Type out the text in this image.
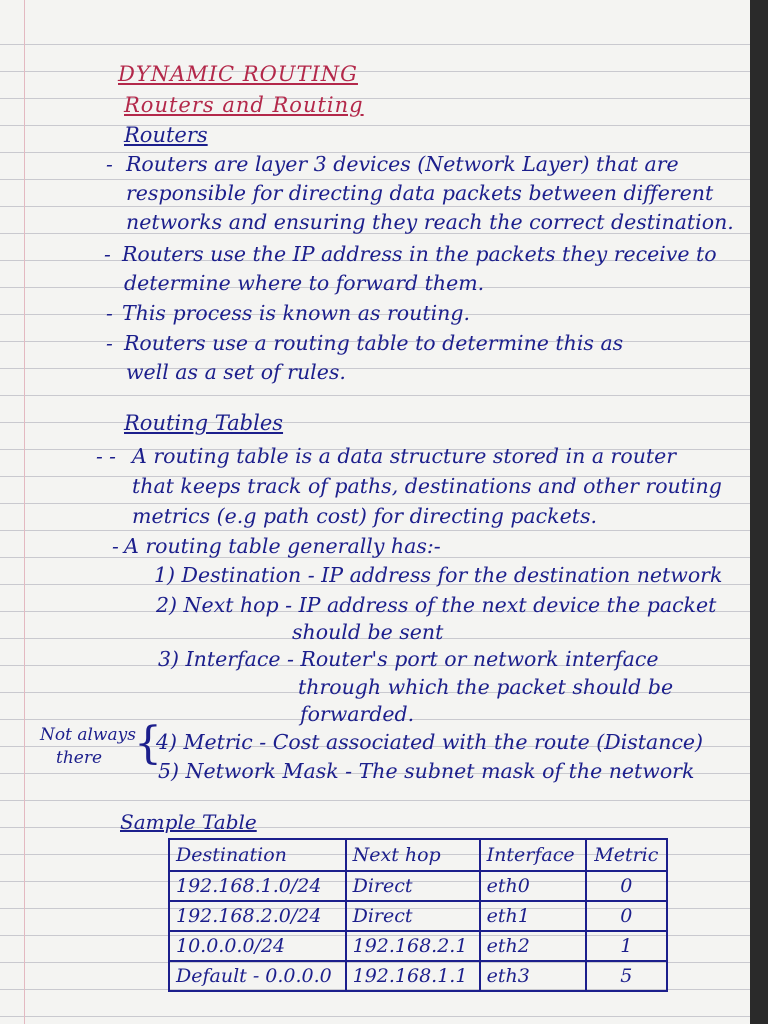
DYNAMIC ROUTING
Routers and Routing
Routers
- Routers are layer 3 devices (Network Layer) that are
responsible for directing data packets between different
networks and ensuring they reach the correct destination.
- Routers use the IP address in the packets they receive to
determine where to forward them.
- This process is known as routing.
- Routers use a routing table to determine this as
well as a set of rules.
Routing Tables
- - A routing table is a data structure stored in a router
that keeps track of paths, destinations and other routing
metrics (e.g path cost) for directing packets.
- A routing table generally has:-
1) Destination - IP address for the destination network
2) Next hop - IP address of the next device the packet
should be sent
3) Interface - Router's port or network interface
through which the packet should be
forwarded.
Not always
there {
4) Metric - Cost associated with the route (Distance)
5) Network Mask - The subnet mask of the network
Sample Table
Destination	Next hop	Interface	Metric
192.168.1.0/24	Direct	eth0	0
192.168.2.0/24	Direct	eth1	0
10.0.0.0/24	192.168.2.1	eth2	1
Default - 0.0.0.0	192.168.1.1	eth3	5
